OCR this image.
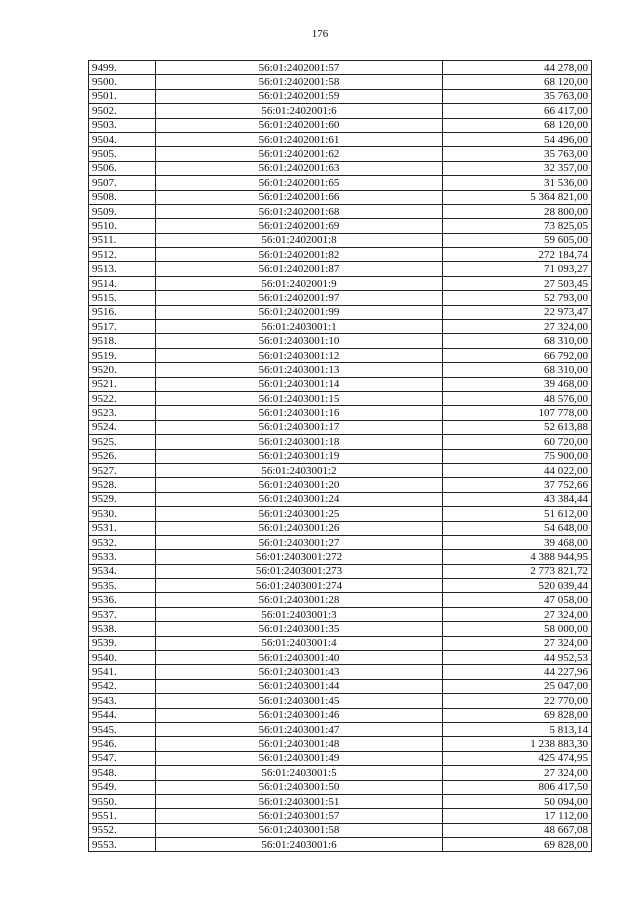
176
9499.	56:01:2402001:57	44 278,00
9500.	56:01:2402001:58	68 120,00
9501.	56:01:2402001:59	35 763,00
9502.	56:01:2402001:6	66 417,00
9503.	56:01:2402001:60	68 120,00
9504.	56:01:2402001:61	54 496,00
9505.	56:01:2402001:62	35 763,00
9506.	56:01:2402001:63	32 357,00
9507.	56:01:2402001:65	31 536,00
9508.	56:01:2402001:66	5 364 821,00
9509.	56:01:2402001:68	28 800,00
9510.	56:01:2402001:69	73 825,05
9511.	56:01:2402001:8	59 605,00
9512.	56:01:2402001:82	272 184,74
9513.	56:01:2402001:87	71 093,27
9514.	56:01:2402001:9	27 503,45
9515.	56:01:2402001:97	52 793,00
9516.	56:01:2402001:99	22 973,47
9517.	56:01:2403001:1	27 324,00
9518.	56:01:2403001:10	68 310,00
9519.	56:01:2403001:12	66 792,00
9520.	56:01:2403001:13	68 310,00
9521.	56:01:2403001:14	39 468,00
9522.	56:01:2403001:15	48 576,00
9523.	56:01:2403001:16	107 778,00
9524.	56:01:2403001:17	52 613,88
9525.	56:01:2403001:18	60 720,00
9526.	56:01:2403001:19	75 900,00
9527.	56:01:2403001:2	44 022,00
9528.	56:01:2403001:20	37 752,66
9529.	56:01:2403001:24	43 384,44
9530.	56:01:2403001:25	51 612,00
9531.	56:01:2403001:26	54 648,00
9532.	56:01:2403001:27	39 468,00
9533.	56:01:2403001:272	4 388 944,95
9534.	56:01:2403001:273	2 773 821,72
9535.	56:01:2403001:274	520 039,44
9536.	56:01:2403001:28	47 058,00
9537.	56:01:2403001:3	27 324,00
9538.	56:01:2403001:35	58 000,00
9539.	56:01:2403001:4	27 324,00
9540.	56:01:2403001:40	44 952,53
9541.	56:01:2403001:43	44 227,96
9542.	56:01:2403001:44	25 047,00
9543.	56:01:2403001:45	22 770,00
9544.	56:01:2403001:46	69 828,00
9545.	56:01:2403001:47	5 813,14
9546.	56:01:2403001:48	1 238 883,30
9547.	56:01:2403001:49	425 474,95
9548.	56:01:2403001:5	27 324,00
9549.	56:01:2403001:50	806 417,50
9550.	56:01:2403001:51	50 094,00
9551.	56:01:2403001:57	17 112,00
9552.	56:01:2403001:58	48 667,08
9553.	56:01:2403001:6	69 828,00
